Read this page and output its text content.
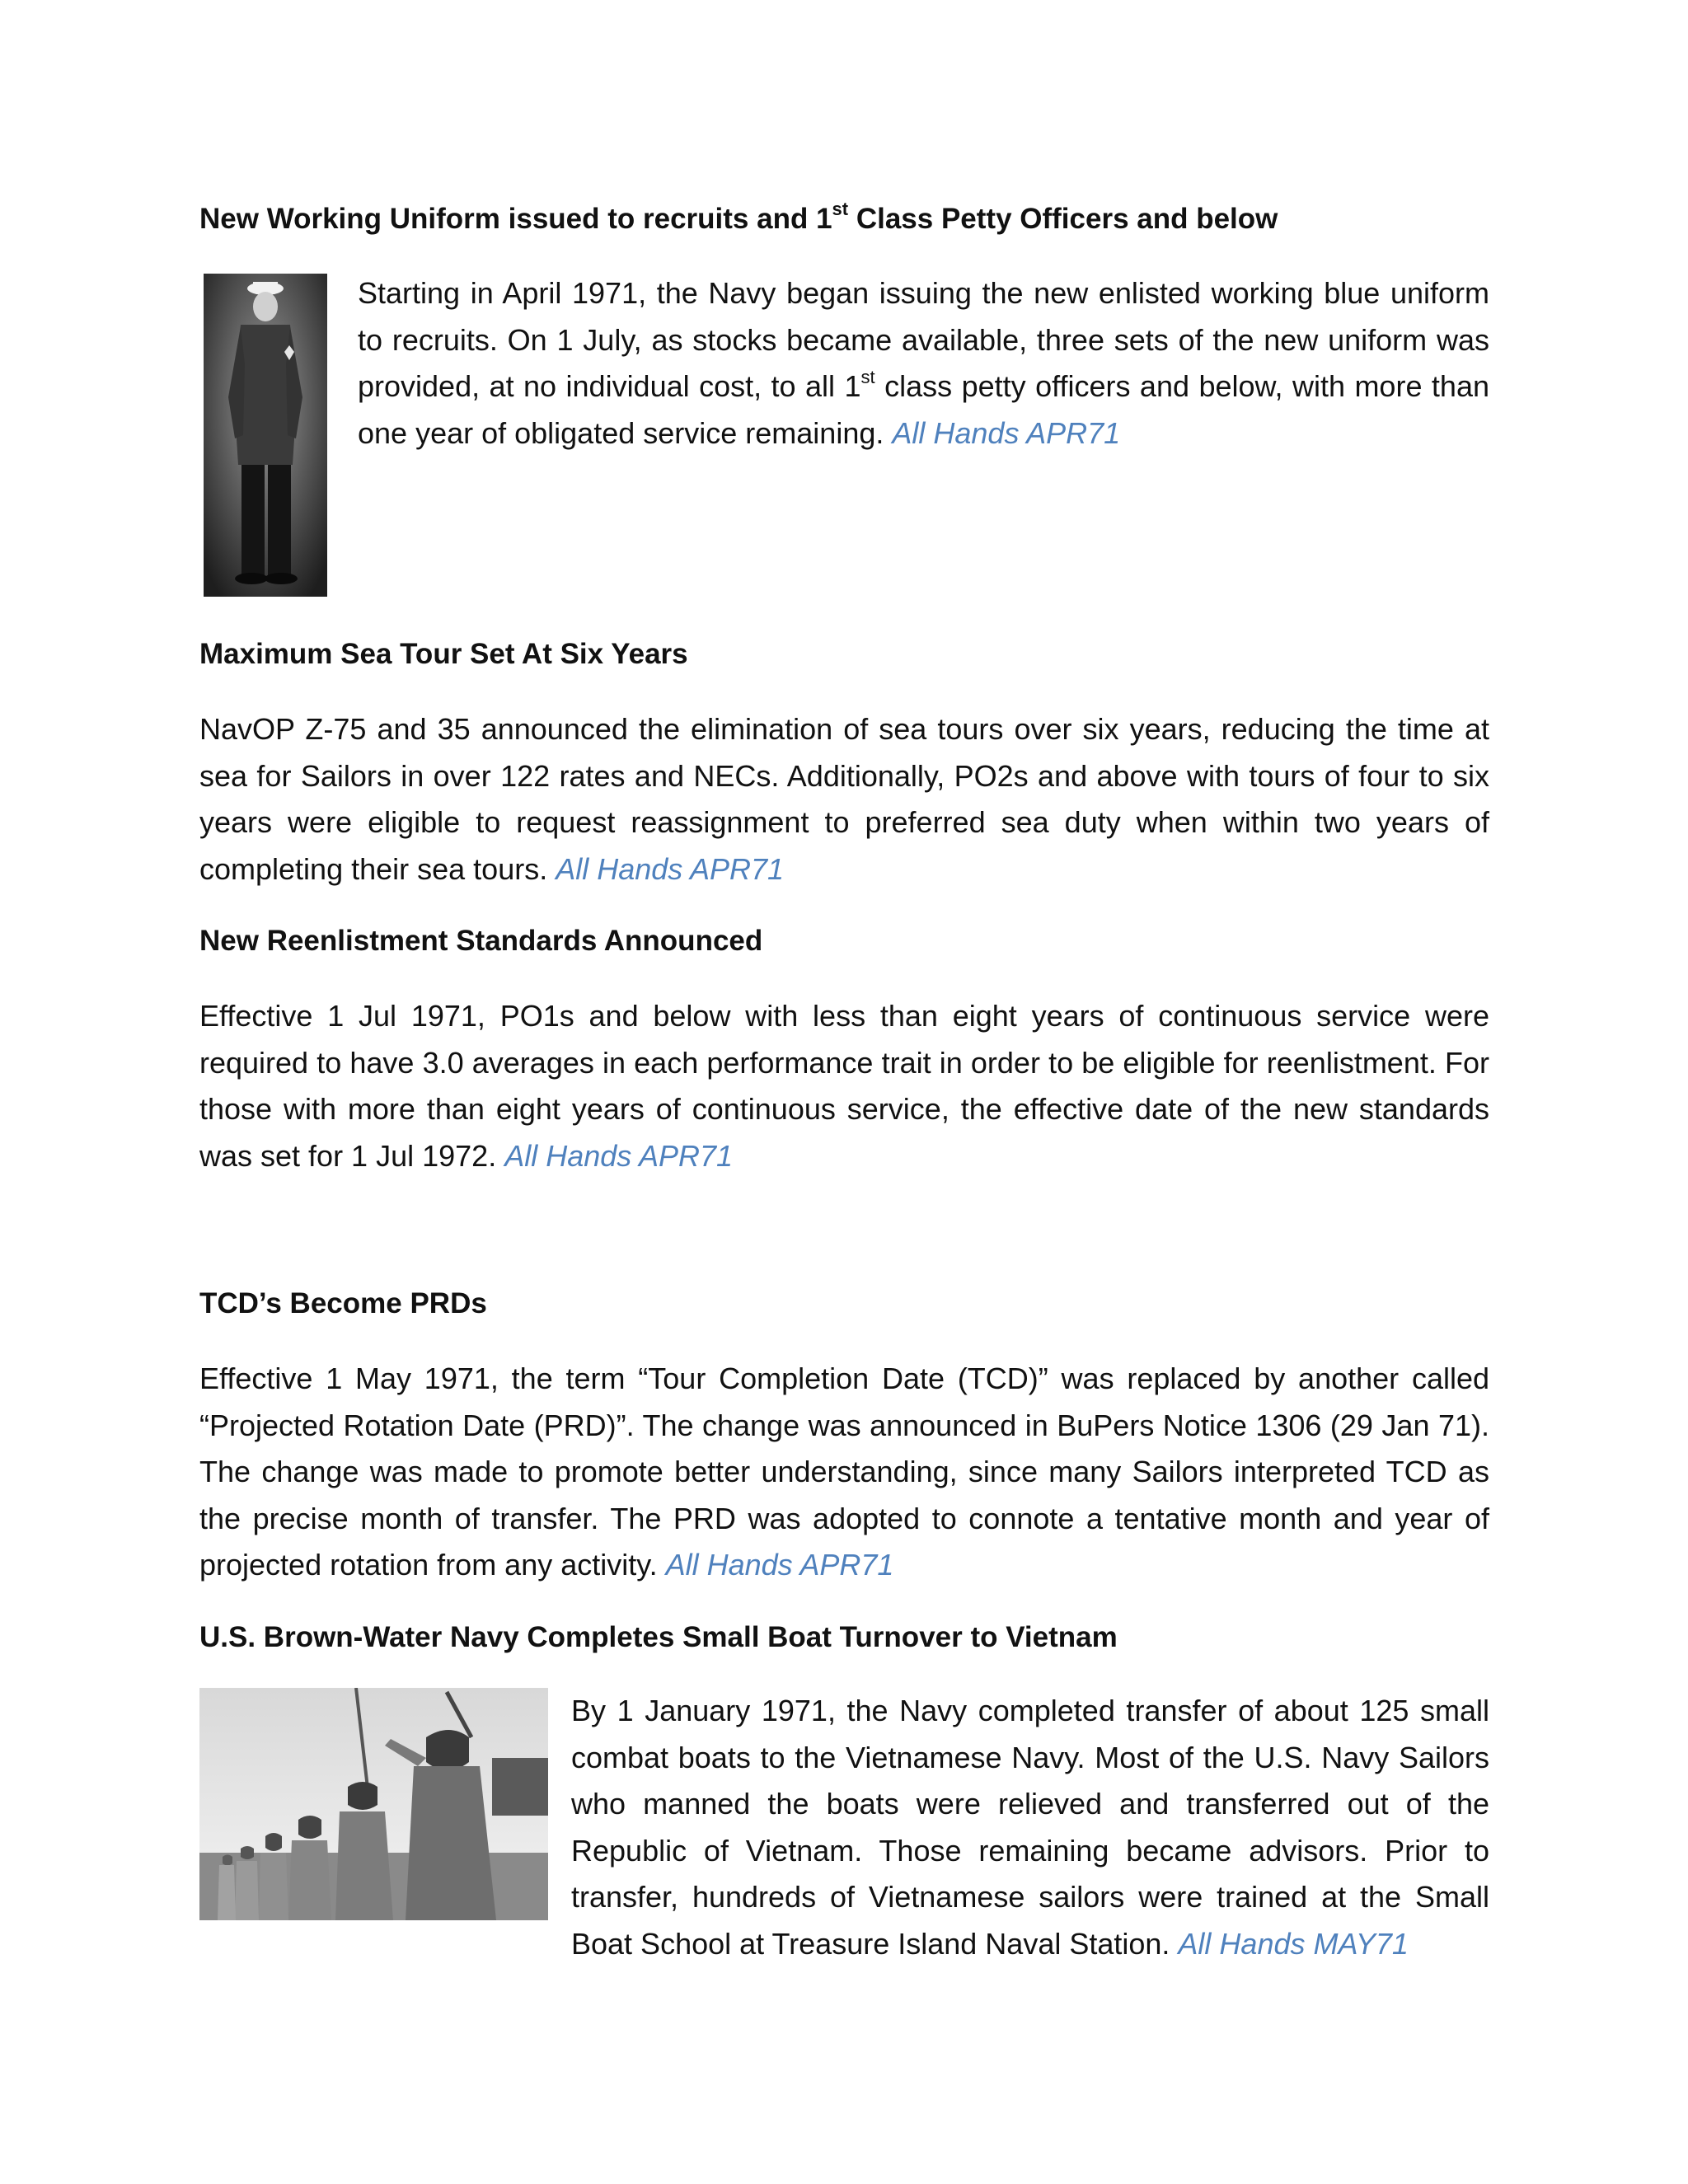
New Working Uniform issued to recruits and 1st Class Petty Officers and below

Starting in April 1971, the Navy began issuing the new enlisted working blue uniform to recruits. On 1 July, as stocks became available, three sets of the new uniform was provided, at no individual cost, to all 1st class petty officers and below, with more than one year of obligated service remaining. All Hands APR71

Maximum Sea Tour Set At Six Years

NavOP Z-75 and 35 announced the elimination of sea tours over six years, reducing the time at sea for Sailors in over 122 rates and NECs. Additionally, PO2s and above with tours of four to six years were eligible to request reassignment to preferred sea duty when within two years of completing their sea tours. All Hands APR71

New Reenlistment Standards Announced

Effective 1 Jul 1971, PO1s and below with less than eight years of continuous service were required to have 3.0 averages in each performance trait in order to be eligible for reenlistment. For those with more than eight years of continuous service, the effective date of the new standards was set for 1 Jul 1972. All Hands APR71

TCD’s Become PRDs

Effective 1 May 1971, the term “Tour Completion Date (TCD)” was replaced by another called “Projected Rotation Date (PRD)”. The change was announced in BuPers Notice 1306 (29 Jan 71). The change was made to promote better understanding, since many Sailors interpreted TCD as the precise month of transfer. The PRD was adopted to connote a tentative month and year of projected rotation from any activity. All Hands APR71

U.S. Brown-Water Navy Completes Small Boat Turnover to Vietnam

By 1 January 1971, the Navy completed transfer of about 125 small combat boats to the Vietnamese Navy. Most of the U.S. Navy Sailors who manned the boats were relieved and transferred out of the Republic of Vietnam. Those remaining became advisors. Prior to transfer, hundreds of Vietnamese sailors were trained at the Small Boat School at Treasure Island Naval Station. All Hands MAY71
